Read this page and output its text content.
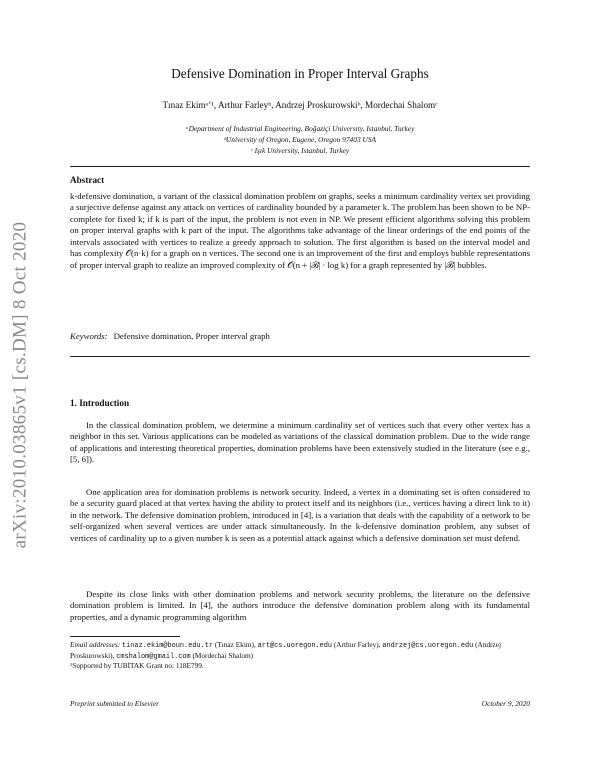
arXiv:2010.03865v1 [cs.DM] 8 Oct 2020
Defensive Domination in Proper Interval Graphs
Tınaz Ekimᵃʼ¹, Arthur Farleyᵇ, Andrzej Proskurowskiᵇ, Mordechai Shalomᶜ
ᵃDepartment of Industrial Engineering, Boğaziçi University, Istanbul, Turkey
ᵇUniversity of Oregon, Eugene, Oregon 97403 USA
ᶜ Işık University, Istanbul, Turkey
Abstract
k-defensive domination, a variant of the classical domination problem on graphs, seeks a minimum cardinality vertex set providing a surjective defense against any attack on vertices of cardinality bounded by a parameter k. The problem has been shown to be NP-complete for fixed k; if k is part of the input, the problem is not even in NP. We present efficient algorithms solving this problem on proper interval graphs with k part of the input. The algorithms take advantage of the linear orderings of the end points of the intervals associated with vertices to realize a greedy approach to solution. The first algorithm is based on the interval model and has complexity 𝒪(n·k) for a graph on n vertices. The second one is an improvement of the first and employs bubble representations of proper interval graph to realize an improved complexity of 𝒪(n + |ℬ| · log k) for a graph represented by |ℬ| bubbles.
Keywords: Defensive domination, Proper interval graph
1. Introduction
In the classical domination problem, we determine a minimum cardinality set of vertices such that every other vertex has a neighbor in this set. Various applications can be modeled as variations of the classical domination problem. Due to the wide range of applications and interesting theoretical properties, domination problems have been extensively studied in the literature (see e.g., [5, 6]).
One application area for domination problems is network security. Indeed, a vertex in a dominating set is often considered to be a security guard placed at that vertex having the ability to protect itself and its neighbors (i.e., vertices having a direct link to it) in the network. The defensive domination problem, introduced in [4], is a variation that deals with the capability of a network to be self-organized when several vertices are under attack simultaneously. In the k-defensive domination problem, any subset of vertices of cardinality up to a given number k is seen as a potential attack against which a defensive domination set must defend.
Despite its close links with other domination problems and network security problems, the literature on the defensive domination problem is limited. In [4], the authors introduce the defensive domination problem along with its fundamental properties, and a dynamic programming algorithm
Email addresses: tinaz.ekim@boun.edu.tr (Tınaz Ekim), art@cs.uoregon.edu (Arthur Farley), andrzej@cs.uoregon.edu (Andrzej Proskurowski), cmshalom@gmail.com (Mordechai Shalom)
¹Supported by TUBİTAK Grant no: 118E799.
Preprint submitted to Elsevier	October 9, 2020
